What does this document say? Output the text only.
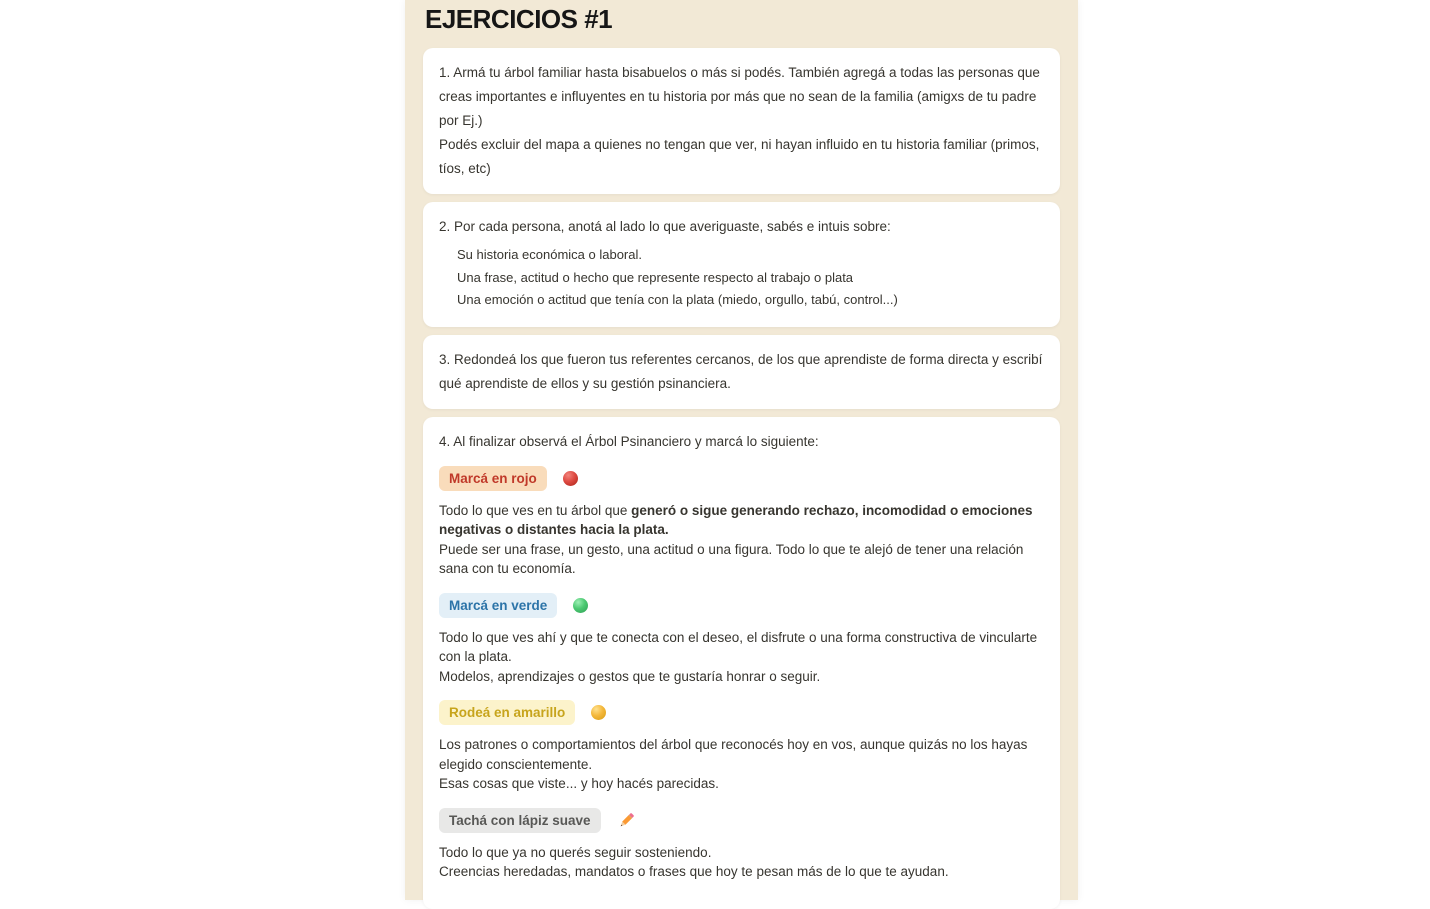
EJERCICIOS #1
1. Armá tu árbol familiar hasta bisabuelos o más si podés. También agregá a todas las personas que creas importantes e influyentes en tu historia por más que no sean de la familia (amigxs de tu padre por Ej.)
Podés excluir del mapa a quienes no tengan que ver, ni hayan influido en tu historia familiar (primos, tíos, etc)
2. Por cada persona, anotá al lado lo que averiguaste, sabés e intuis sobre:
Su historia económica o laboral.
Una frase, actitud o hecho que represente respecto al trabajo o plata
Una emoción o actitud que tenía con la plata (miedo, orgullo, tabú, control...)
3. Redondeá los que fueron tus referentes cercanos, de los que aprendiste de forma directa y escribí qué aprendiste de ellos y su gestión psinanciera.
4. Al finalizar observá el Árbol Psinanciero y marcá lo siguiente:
Marcá en rojo

Todo lo que ves en tu árbol que generó o sigue generando rechazo, incomodidad o emociones negativas o distantes hacia la plata.
Puede ser una frase, un gesto, una actitud o una figura. Todo lo que te alejó de tener una relación sana con tu economía.

Marcá en verde

Todo lo que ves ahí y que te conecta con el deseo, el disfrute o una forma constructiva de vincularte con la plata.
Modelos, aprendizajes o gestos que te gustaría honrar o seguir.

Rodeá en amarillo

Los patrones o comportamientos del árbol que reconocés hoy en vos, aunque quizás no los hayas elegido conscientemente.
Esas cosas que viste... y hoy hacés parecidas.

Tachá con lápiz suave

Todo lo que ya no querés seguir sosteniendo.
Creencias heredadas, mandatos o frases que hoy te pesan más de lo que te ayudan.
